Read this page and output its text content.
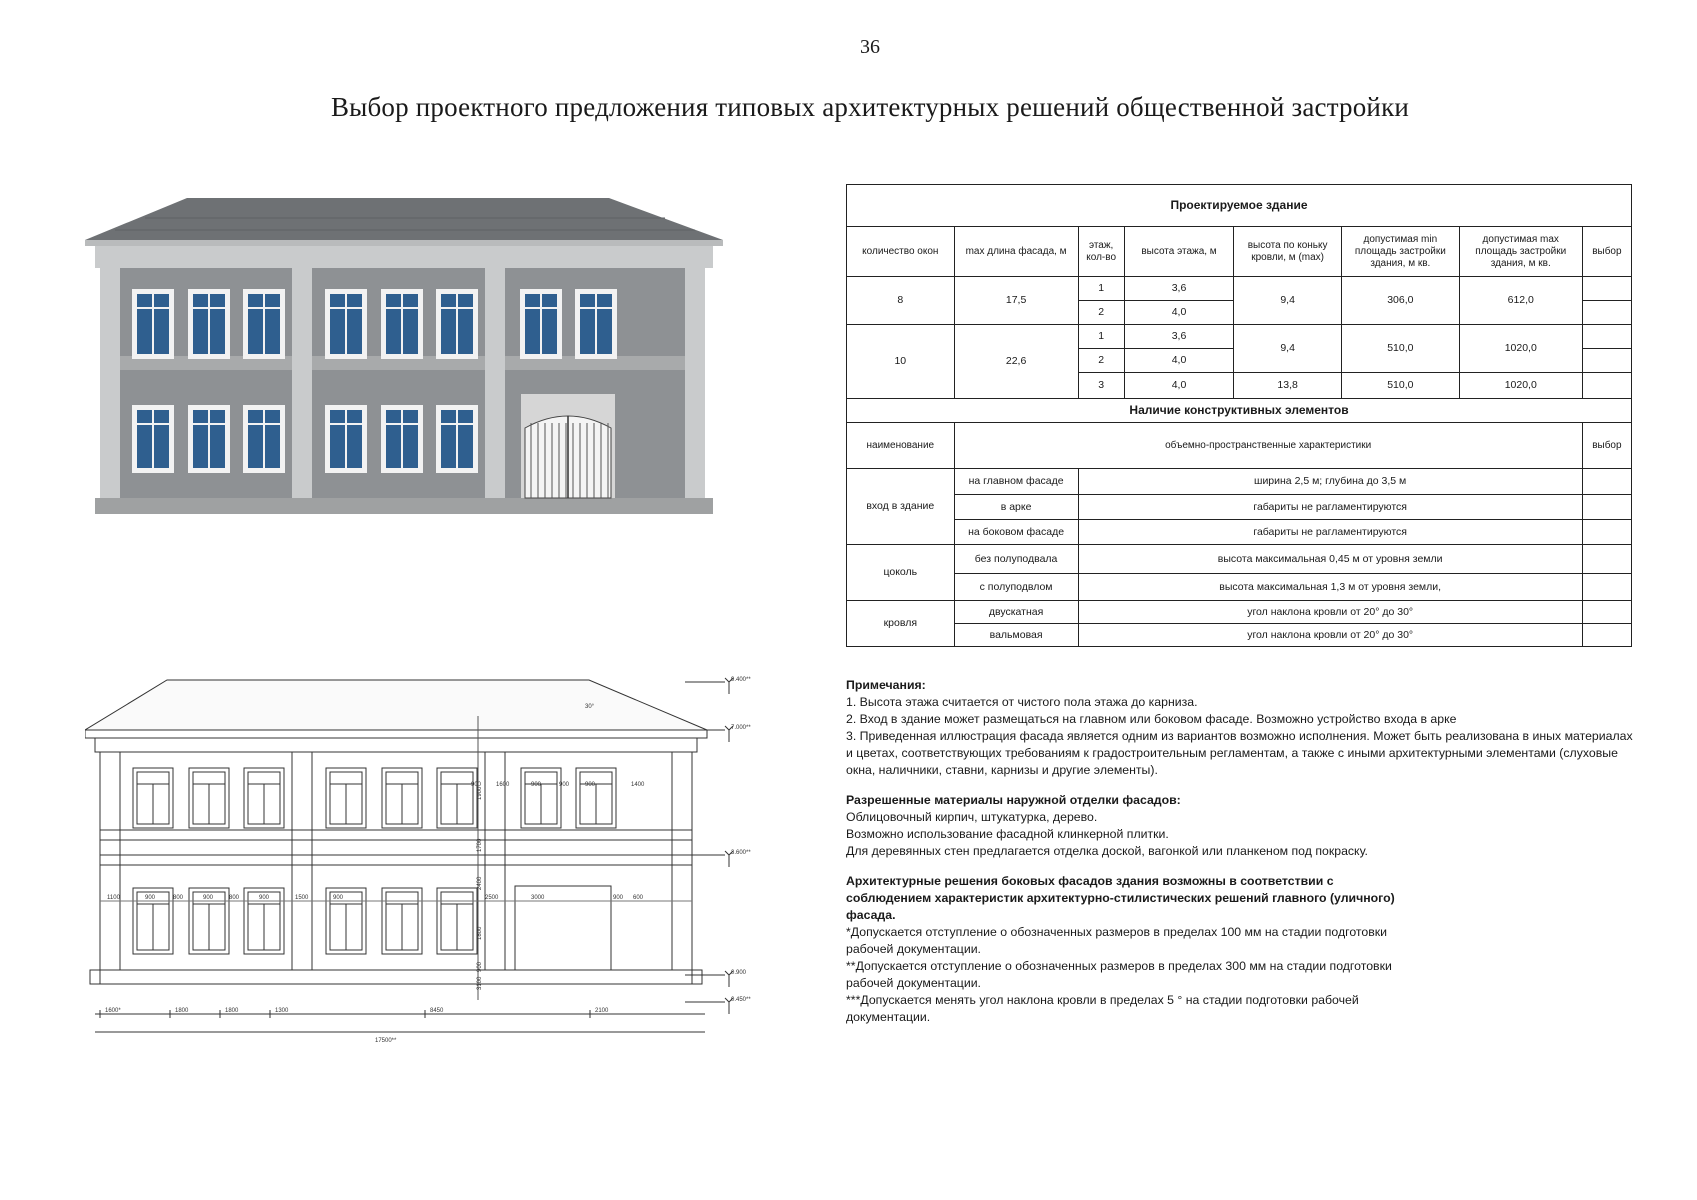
36
Выбор проектного предложения типовых архитектурных решений общественной застройки
9.400**
7.000**
3.600**
0.900
0.450**
1600*	1800	1800	1300	8450	2100
17500**
1100	900	800	900	800	900	1500	900	2500	3000	900 600
900 1600	900	900	900	1400
1900
1700
1800
900
2400
3100
30°
Проектируемое здание							
количество окон	max длина фасада, м	этаж, кол-во	высота этажа, м	высота по коньку кровли, м (max)	допустимая min площадь застройки здания, м кв.	допустимая max площадь застройки здания, м кв.	выбор
8	17,5	1	3,6	9,4	306,0	612,0	
		2	4,0				
10	22,6	1	3,6	9,4	510,0	1020,0	
		2	4,0				
		3	4,0	13,8	510,0	1020,0	
Наличие конструктивных элементов							
наименование	объемно-пространственные характеристики						выбор
вход в здание	на главном фасаде	ширина 2,5 м; глубина до 3,5 м					
	в арке	габариты не рагламентируются					
	на боковом фасаде	габариты не рагламентируются					
цоколь	без полуподвала	высота максимальная 0,45 м от уровня земли					
	с полуподвлом	высота максимальная 1,3 м от уровня земли,					
кровля	двускатная	угол наклона кровли от 20° до 30°					
	вальмовая	угол наклона кровли от 20° до 30°					

Примечания:

1. Высота этажа считается от чистого пола этажа до карниза.

2. Вход в здание может размещаться на главном или боковом фасаде. Возможно устройство входа в арке

3. Приведенная иллюстрация фасада является одним из вариантов возможно исполнения. Может быть реализована в иных материалах и цветах, соответствующих требованиям к градостроительным регламентам, а также с иными архитектурными элементами (слуховые окна, наличники, ставни, карнизы и другие элементы).

Разрешенные материалы наружной отделки фасадов:

Облицовочный кирпич, штукатурка, дерево.

Возможно использование фасадной клинкерной плитки.

Для деревянных стен предлагается отделка доской, вагонкой или планкеном под покраску.

Архитектурные решения боковых фасадов здания возможны в соответствии с соблюдением характеристик архитектурно-стилистических решений главного (уличного) фасада.

*Допускается отступление о обозначенных размеров в пределах 100 мм на стадии подготовки рабочей документации.

**Допускается отступление о обозначенных размеров в пределах 300 мм на стадии подготовки рабочей документации.

***Допускается менять угол наклона кровли в пределах 5 ° на стадии подготовки рабочей документации.
